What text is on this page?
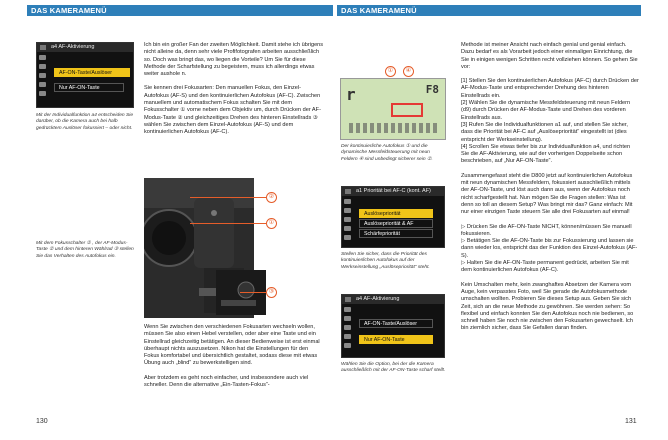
DAS KAMERAMENÜ	DAS KAMERAMENÜ
a4 AF-Aktivierung
AF-ON-Taste/Auslöser
Nur AF-ON-Taste
Mit der Individualfunktion a4 entscheiden Sie darüber, ob die Kamera auch bei halb gedrücktem Auslöser fokussiert – oder nicht.

Ich bin ein großer Fan der zweiten Möglichkeit. Damit stehe ich übrigens nicht alleine da, denn sehr viele Profifotografen arbeiten ausschließlich so. Doch was bringt das, wo liegen die Vorteile? Um Sie für diese Methode der Scharfstellung zu begeistern, muss ich allerdings etwas weiter aushole n.

Sie kennen drei Fokusarten: Den manuellen Fokus, den Einzel-Autofokus (AF-S) und den kontinuierlichen Autofokus (AF-C). Zwischen manuellem und automatischem Fokus schalten Sie mit dem Fokusschalter ① vorne neben dem Objektiv um, durch Drücken der AF-Modus-Taste ② und gleichzeitiges Drehen des hinteren Einstellrads ③ wählen Sie zwischen dem Einzel-Autofokus (AF-S) und dem kontinuierlichen Autofokus (AF-C).

②
①
③
Mit dem Fokusschalter ① , der AF-Modus-Taste ② und dem hinteren Wählrad ③ stellen Sie das Verhalten des Autofokus ein.

Wenn Sie zwischen den verschiedenen Fokusarten wechseln wollen, müssen Sie also einen Hebel verstellen, oder aber eine Taste und ein Einstellrad gleichzeitig betätigen. An dieser Bedienweise ist erst einmal überhaupt nichts auszusetzen. Nikon hat die Einstellungen für den Fokus komfortabel und übersichtlich gestaltet, sodass diese mit etwas Übung auch „blind“ zu bewerkstelligen sind.

Aber trotzdem es geht noch einfacher, und insbesondere auch viel schneller. Denn die alternative „Ein-Tasten-Fokus“-

130
r	F8
①	④
Der kontinuierliche Autofokus ① und die dynamische Messfeldsteuerung mit neun Feldern ④ sind unbedingt sicherer sein ②.
a1 Priorität bei AF-C (kont. AF)
Auslösepriorität
Auslösepriorität & AF
Schärfepriorität
Stellen Sie sicher, dass die Priorität des kontinuierlichen Autofokus auf der Werkseinstellung „Auslösepriorität“ steht.
a4 AF-Aktivierung
AF-ON-Taste/Auslöser
Nur AF-ON-Taste
Wählen Sie die Option, bei der die Kamera ausschließlich mit der AF-ON-Taste scharf stellt.

Methode ist meiner Ansicht nach einfach genial und genial einfach. Dazu bedarf es als Vorarbeit jedoch einer einmaligen Einrichtung, die Sie in einigen wenigen Schritten recht vollziehen können. So gehen Sie vor:

[1] Stellen Sie den kontinuierlichen Autofokus (AF-C) durch Drücken der AF-Modus-Taste und entsprechender Drehung des hinteren Einstellrads ein.
[2] Wählen Sie die dynamische Messfeldsteuerung mit neun Feldern (d9) durch Drücken der AF-Modus-Taste und Drehen des vorderen Einstellrads aus.
[3] Rufen Sie die Individualfunktionen a1 auf, und stellen Sie sicher, dass die Priorität bei AF-C auf „Auslösepriorität“ eingestellt ist (dies entspricht der Werkseinstellung).
[4] Scrollen Sie etwas tiefer bis zur Individualfunktion a4, und richten Sie die AF-Aktivierung, wie auf der vorherigen Doppelseite schon beschrieben, auf „Nur AF-ON-Taste“.

Zusammengefasst steht die D800 jetzt auf kontinuierlichen Autofokus mit neun dynamischen Messfeldern, fokussiert ausschließlich mittels der AF-ON-Taste, und löst auch dann aus, wenn der Autofokus noch nicht scharfgestellt hat. Nun mögen Sie die Fragen stellen: Was ist denn so toll an diesem Setup? Was bringt mir das? Ganz einfach: Mit nur einer einzigen Taste steuern Sie alle drei Fokusarten auf einmal!

▷ Drücken Sie die AF-ON-Taste NICHT, können/müssen Sie manuell fokussieren.
▷ Betätigen Sie die AF-ON-Taste bis zur Fokussierung und lassen sie dann wieder los, entspricht das der Funktion des Einzel-Autofokus (AF-S).
▷ Halten Sie die AF-ON-Taste permanent gedrückt, arbeiten Sie mit dem kontinuierlichen Autofokus (AF-C).

Kein Umschalten mehr, kein zwanghaftes Absetzen der Kamera vom Auge, kein verpasstes Foto, weil Sie gerade die Autofokusmethode umschalten wollten. Probieren Sie dieses Setup aus. Geben Sie sich Zeit, sich an die neue Methode zu gewöhnen. Sie werden sehen: So flexibel und einfach konnten Sie den Autofokus noch nie bedienen, so schnell haben Sie noch nie zwischen den Fokusarten gewechselt. Ich bin ziemlich sicher, dass Sie Gefallen daran finden.

131
